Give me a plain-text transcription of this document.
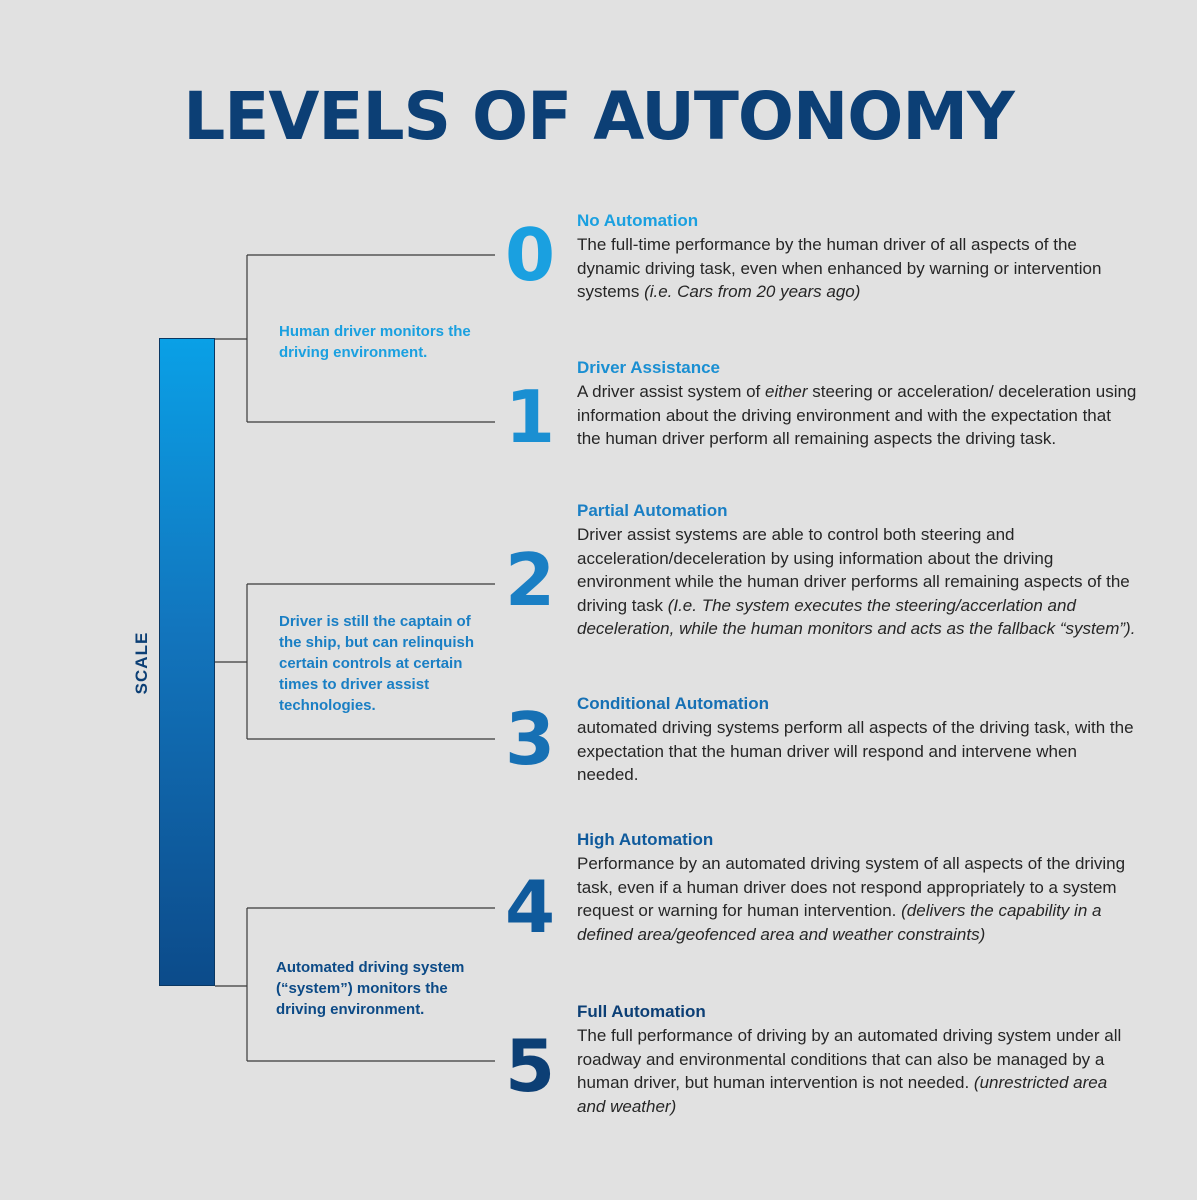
LEVELS OF AUTONOMY
SCALE
Human driver monitors the driving environment.
Driver is still the captain of the ship, but can relinquish certain controls at certain times to driver assist technologies.
Automated driving system (“system”) monitors the driving environment.
0
1
2
3
4
5
No Automation
The full-time performance by the human driver of all aspects of the dynamic driving task, even when enhanced by warning or intervention systems (i.e. Cars from 20 years ago)
Driver Assistance
A driver assist system of either steering or acceleration/ deceleration using information about the driving environment and with the expectation that the human driver perform all remaining aspects the driving task.
Partial Automation
Driver assist systems are able to control both steering and acceleration/deceleration by using information about the driving environment while the human driver performs all remaining aspects of the driving task (I.e. The system executes the steering/accerlation and deceleration, while the human monitors and acts as the fallback “system”).
Conditional Automation
automated driving systems perform all aspects of the driving task, with the expectation that the human driver will respond and intervene when needed.
High Automation
Performance by an automated driving system of all aspects of the driving task, even if a human driver does not respond appropriately to a system request or warning for human intervention. (delivers the capability in a defined area/geofenced area and weather constraints)
Full Automation
The full performance of driving by an automated driving system under all roadway and environmental conditions that can also be managed by a human driver, but human intervention is not needed. (unrestricted area and weather)
